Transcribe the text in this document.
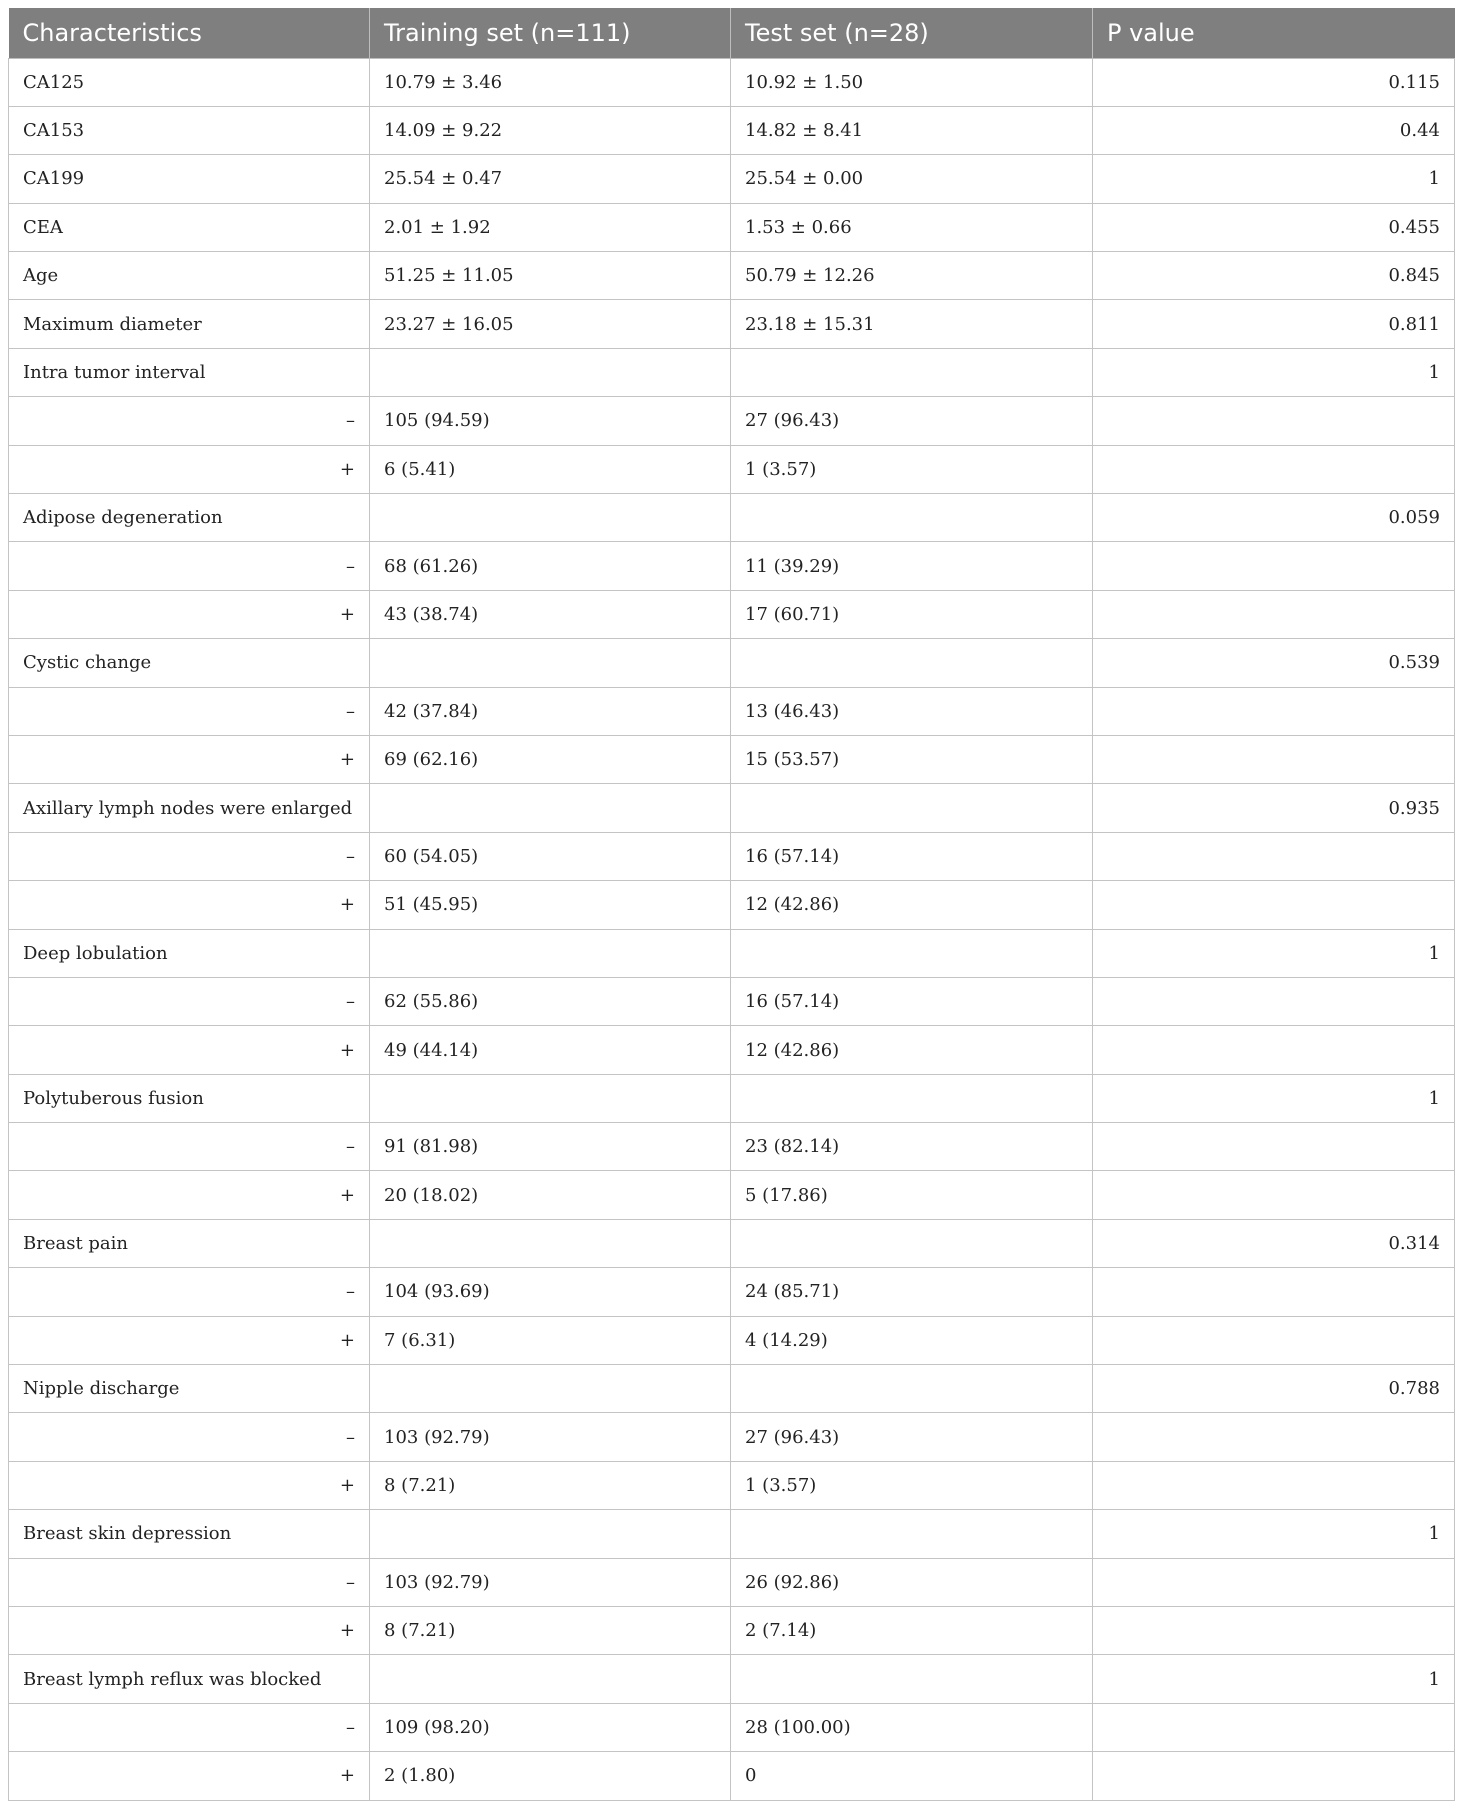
Characteristics	Training set (n=111)	Test set (n=28)	P value
CA125	10.79 ± 3.46	10.92 ± 1.50	0.115
CA153	14.09 ± 9.22	14.82 ± 8.41	0.44
CA199	25.54 ± 0.47	25.54 ± 0.00	1
CEA	2.01 ± 1.92	1.53 ± 0.66	0.455
Age	51.25 ± 11.05	50.79 ± 12.26	0.845
Maximum diameter	23.27 ± 16.05	23.18 ± 15.31	0.811
Intra tumor interval			1
–	105 (94.59)	27 (96.43)	
+	6 (5.41)	1 (3.57)	
Adipose degeneration			0.059
–	68 (61.26)	11 (39.29)	
+	43 (38.74)	17 (60.71)	
Cystic change			0.539
–	42 (37.84)	13 (46.43)	
+	69 (62.16)	15 (53.57)	
Axillary lymph nodes were enlarged			0.935
–	60 (54.05)	16 (57.14)	
+	51 (45.95)	12 (42.86)	
Deep lobulation			1
–	62 (55.86)	16 (57.14)	
+	49 (44.14)	12 (42.86)	
Polytuberous fusion			1
–	91 (81.98)	23 (82.14)	
+	20 (18.02)	5 (17.86)	
Breast pain			0.314
–	104 (93.69)	24 (85.71)	
+	7 (6.31)	4 (14.29)	
Nipple discharge			0.788
–	103 (92.79)	27 (96.43)	
+	8 (7.21)	1 (3.57)	
Breast skin depression			1
–	103 (92.79)	26 (92.86)	
+	8 (7.21)	2 (7.14)	
Breast lymph reflux was blocked			1
–	109 (98.20)	28 (100.00)	
+	2 (1.80)	0	
